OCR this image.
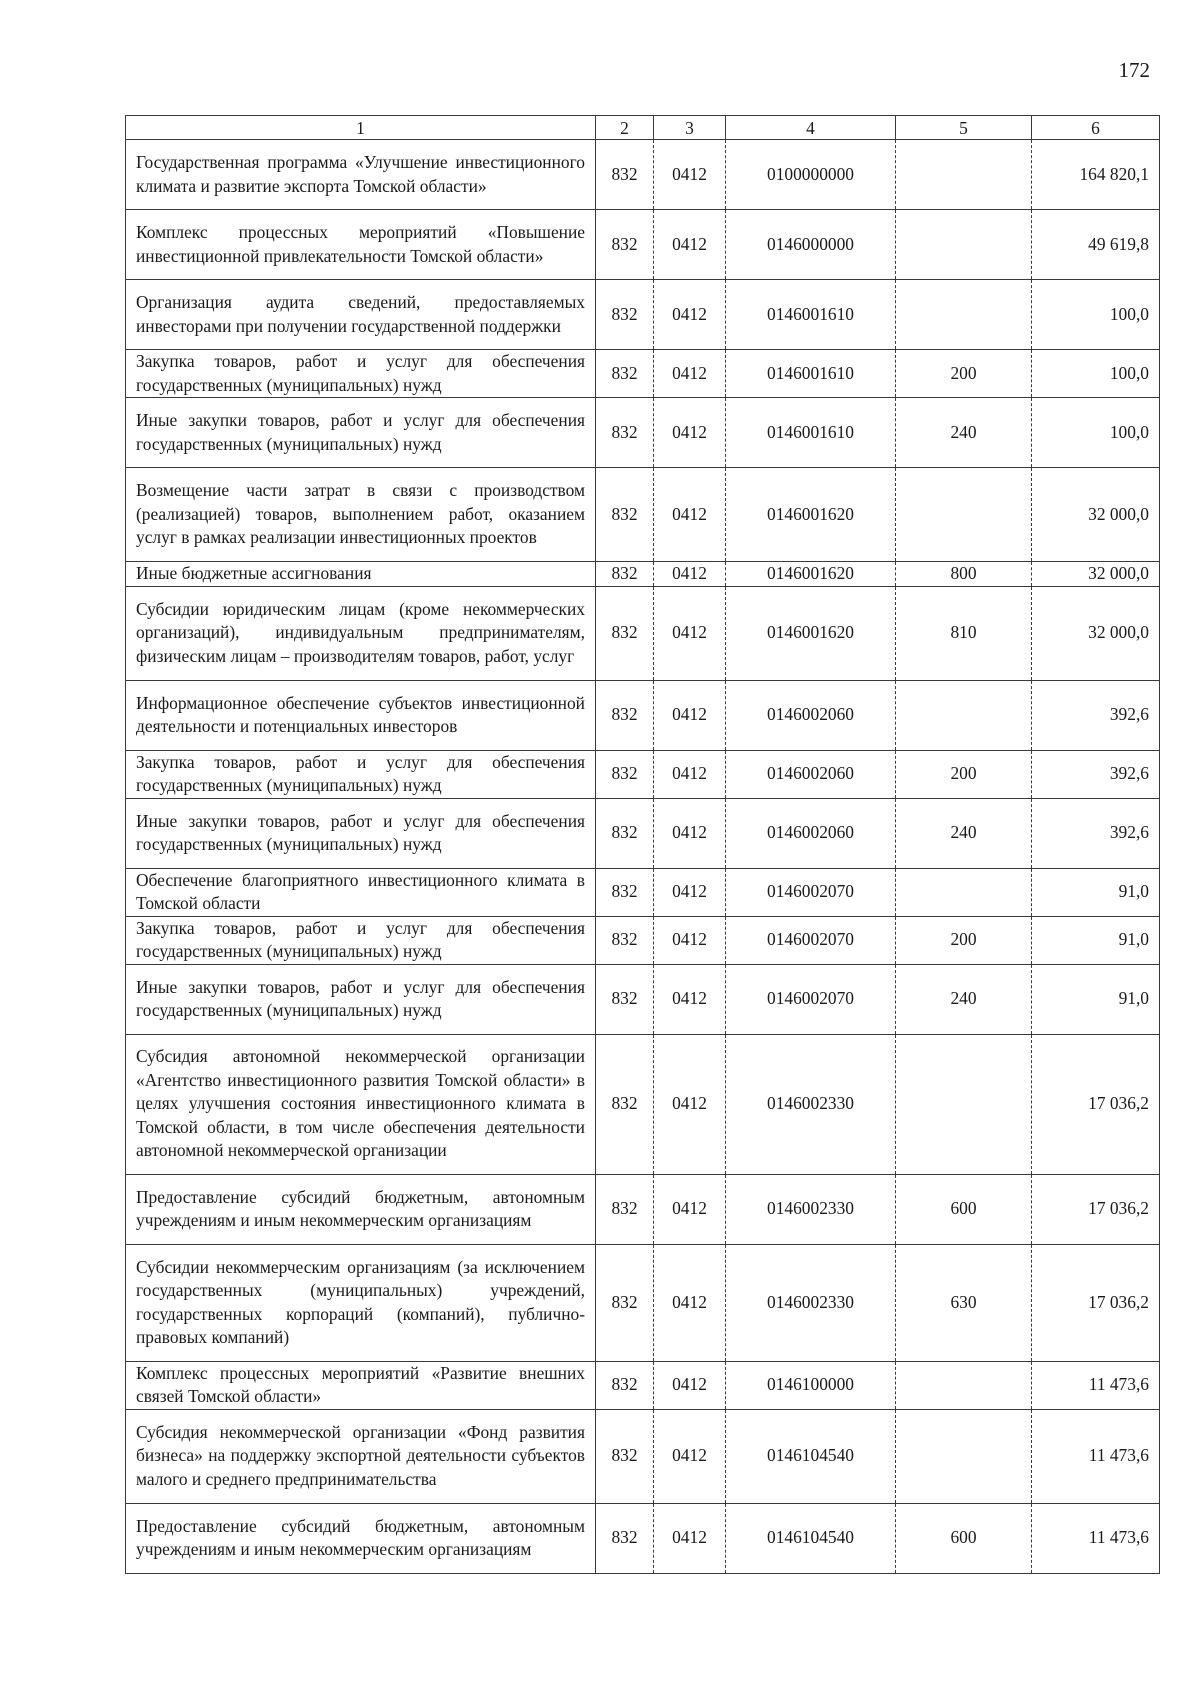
172
1	2	3	4	5	6
Государственная программа «Улучшение инвестиционного климата и развитие экспорта Томской области»	832	0412	0100000000		164 820,1
Комплекс процессных мероприятий «Повышение инвестиционной привлекательности Томской области»	832	0412	0146000000		49 619,8
Организация аудита сведений, предоставляемых инвесторами при получении государственной поддержки	832	0412	0146001610		100,0
Закупка товаров, работ и услуг для обеспечения государственных (муниципальных) нужд	832	0412	0146001610	200	100,0
Иные закупки товаров, работ и услуг для обеспечения государственных (муниципальных) нужд	832	0412	0146001610	240	100,0
Возмещение части затрат в связи с производством (реализацией) товаров, выполнением работ, оказанием услуг в рамках реализации инвестиционных проектов	832	0412	0146001620		32 000,0
Иные бюджетные ассигнования	832	0412	0146001620	800	32 000,0
Субсидии юридическим лицам (кроме некоммерческих организаций), индивидуальным предпринимателям, физическим лицам – производителям товаров, работ, услуг	832	0412	0146001620	810	32 000,0
Информационное обеспечение субъектов инвестиционной деятельности и потенциальных инвесторов	832	0412	0146002060		392,6
Закупка товаров, работ и услуг для обеспечения государственных (муниципальных) нужд	832	0412	0146002060	200	392,6
Иные закупки товаров, работ и услуг для обеспечения государственных (муниципальных) нужд	832	0412	0146002060	240	392,6
Обеспечение благоприятного инвестиционного климата в Томской области	832	0412	0146002070		91,0
Закупка товаров, работ и услуг для обеспечения государственных (муниципальных) нужд	832	0412	0146002070	200	91,0
Иные закупки товаров, работ и услуг для обеспечения государственных (муниципальных) нужд	832	0412	0146002070	240	91,0
Субсидия автономной некоммерческой организации «Агентство инвестиционного развития Томской области» в целях улучшения состояния инвестиционного климата в Томской области, в том числе обеспечения деятельности автономной некоммерческой организации	832	0412	0146002330		17 036,2
Предоставление субсидий бюджетным, автономным учреждениям и иным некоммерческим организациям	832	0412	0146002330	600	17 036,2
Субсидии некоммерческим организациям (за исключением государственных (муниципальных) учреждений, государственных корпораций (компаний), публично-правовых компаний)	832	0412	0146002330	630	17 036,2
Комплекс процессных мероприятий «Развитие внешних связей Томской области»	832	0412	0146100000		11 473,6
Субсидия некоммерческой организации «Фонд развития бизнеса» на поддержку экспортной деятельности субъектов малого и среднего предпринимательства	832	0412	0146104540		11 473,6
Предоставление субсидий бюджетным, автономным учреждениям и иным некоммерческим организациям	832	0412	0146104540	600	11 473,6
